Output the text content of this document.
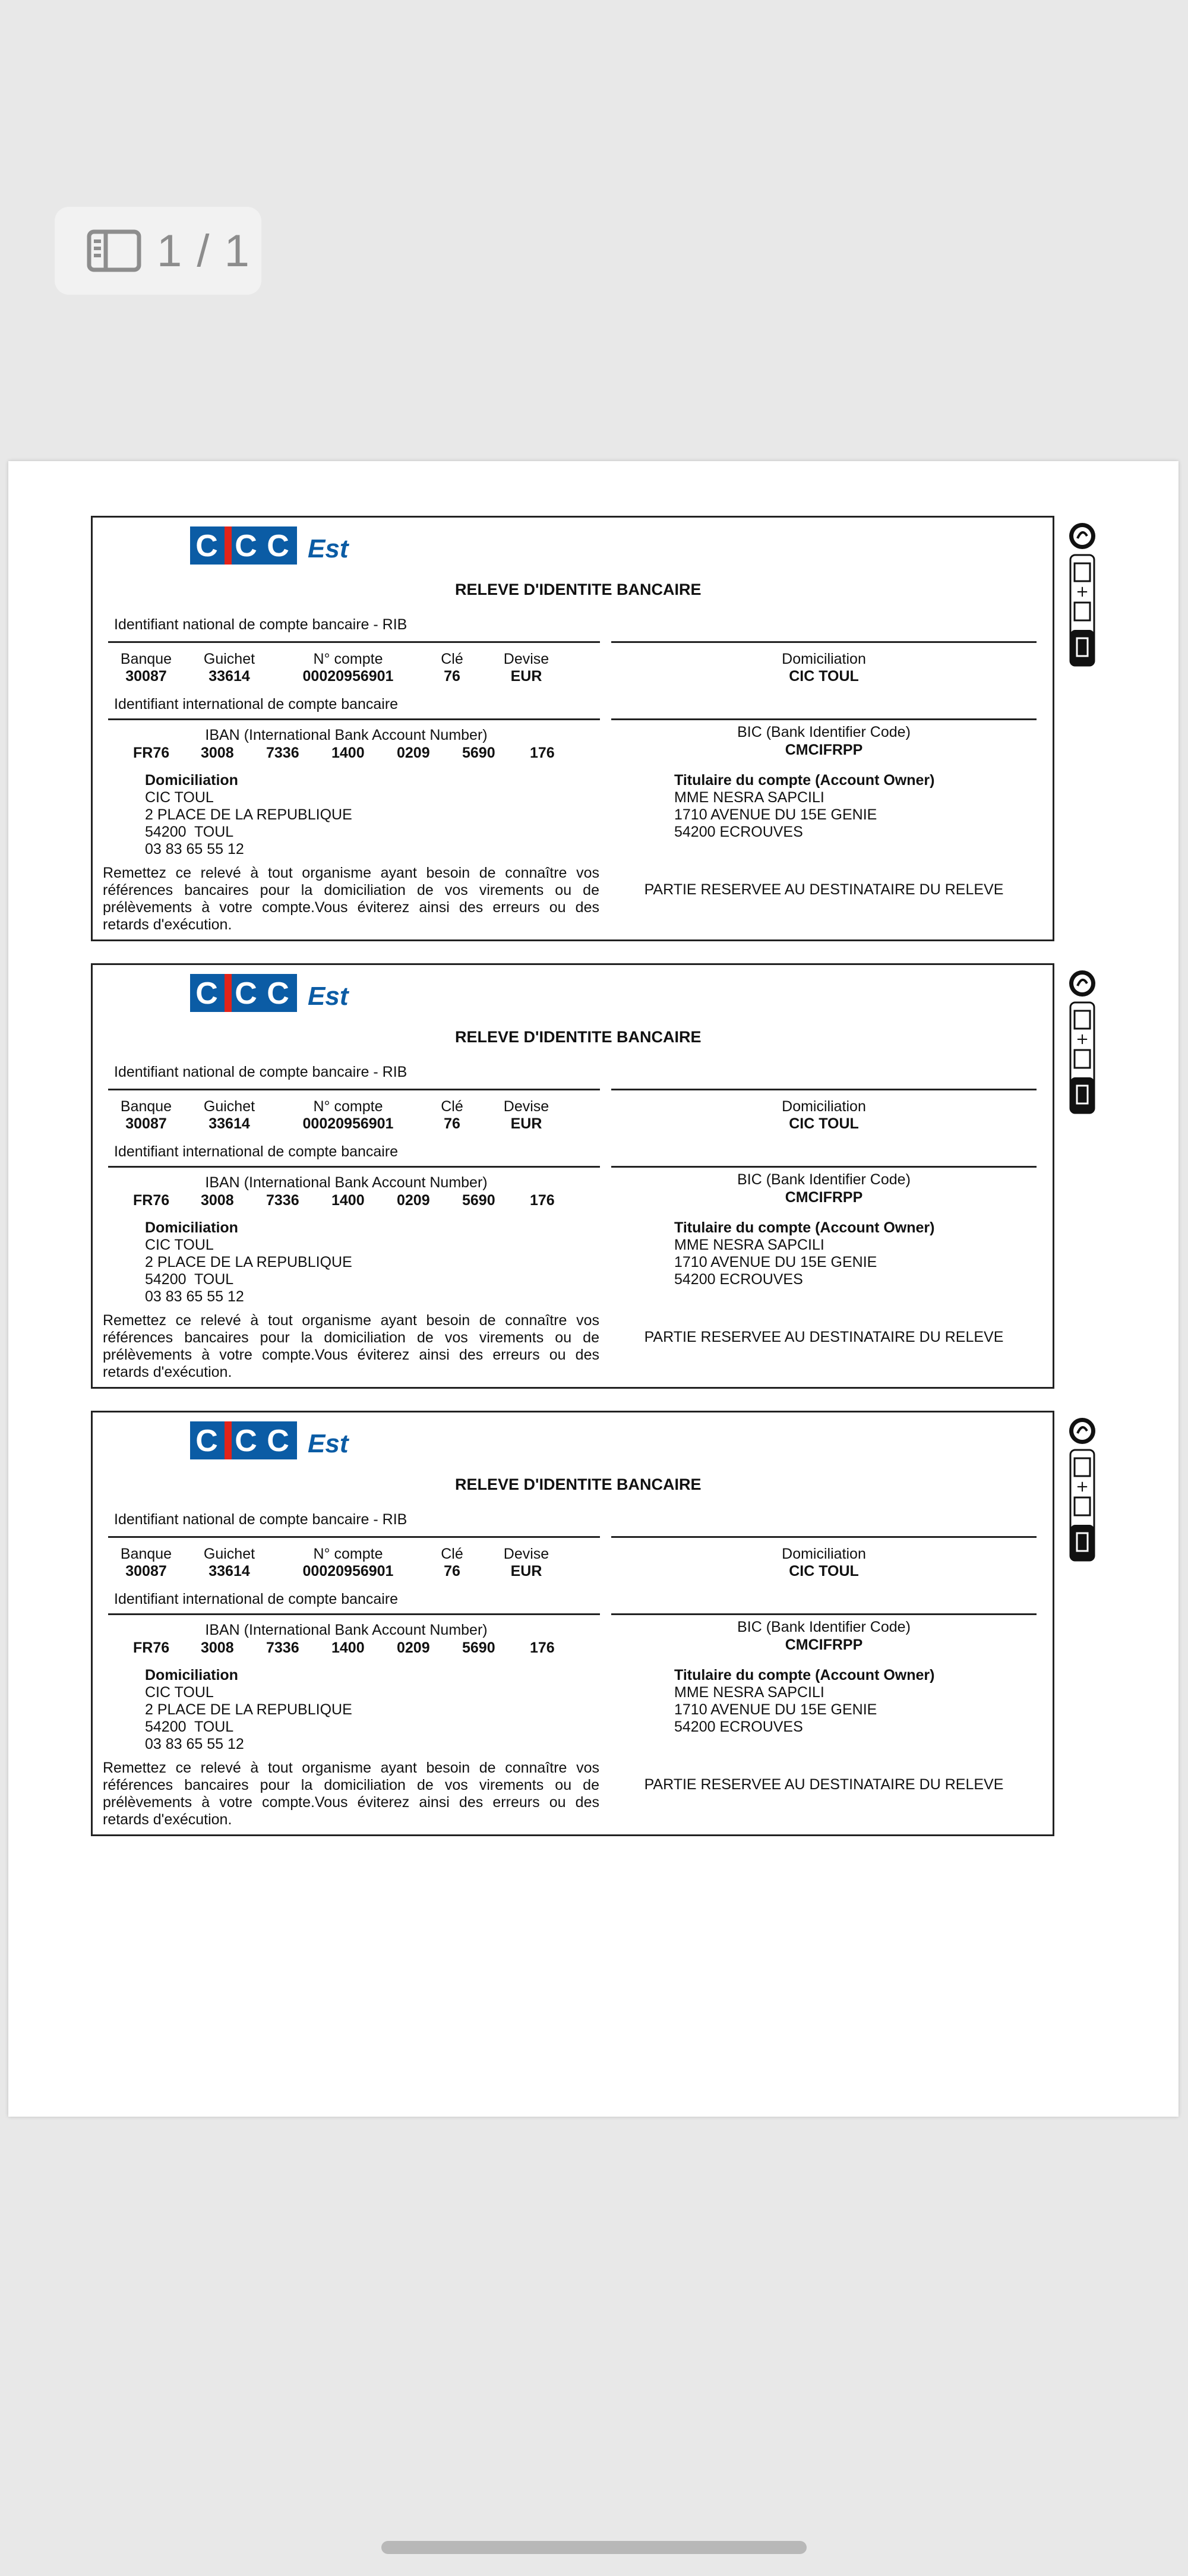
1 / 1
C C C Est
RELEVE D'IDENTITE BANCAIRE
Identifiant national de compte bancaire - RIB
Banque
30087
Guichet
33614
N° compte
00020956901
Clé
76
Devise
EUR
Domiciliation
CIC TOUL
Identifiant international de compte bancaire
IBAN (International Bank Account Number)
FR76 3008 7336 1400 0209 5690 176
BIC (Bank Identifier Code)
CMCIFRPP
Domiciliation
CIC TOUL
2 PLACE DE LA REPUBLIQUE
54200  TOUL
03 83 65 55 12
Titulaire du compte (Account Owner)
MME NESRA SAPCILI
1710 AVENUE DU 15E GENIE
54200 ECROUVES
Remettez ce relevé à tout organisme ayant besoin de connaître vos références bancaires pour la domiciliation de vos virements ou de prélèvements à votre compte.Vous éviterez ainsi des erreurs ou des retards d'exécution.
PARTIE RESERVEE AU DESTINATAIRE DU RELEVE
+
C C C Est
RELEVE D'IDENTITE BANCAIRE
Identifiant national de compte bancaire - RIB
Banque
30087
Guichet
33614
N° compte
00020956901
Clé
76
Devise
EUR
Domiciliation
CIC TOUL
Identifiant international de compte bancaire
IBAN (International Bank Account Number)
FR76 3008 7336 1400 0209 5690 176
BIC (Bank Identifier Code)
CMCIFRPP
Domiciliation
CIC TOUL
2 PLACE DE LA REPUBLIQUE
54200  TOUL
03 83 65 55 12
Titulaire du compte (Account Owner)
MME NESRA SAPCILI
1710 AVENUE DU 15E GENIE
54200 ECROUVES
Remettez ce relevé à tout organisme ayant besoin de connaître vos références bancaires pour la domiciliation de vos virements ou de prélèvements à votre compte.Vous éviterez ainsi des erreurs ou des retards d'exécution.
PARTIE RESERVEE AU DESTINATAIRE DU RELEVE
+
C C C Est
RELEVE D'IDENTITE BANCAIRE
Identifiant national de compte bancaire - RIB
Banque
30087
Guichet
33614
N° compte
00020956901
Clé
76
Devise
EUR
Domiciliation
CIC TOUL
Identifiant international de compte bancaire
IBAN (International Bank Account Number)
FR76 3008 7336 1400 0209 5690 176
BIC (Bank Identifier Code)
CMCIFRPP
Domiciliation
CIC TOUL
2 PLACE DE LA REPUBLIQUE
54200  TOUL
03 83 65 55 12
Titulaire du compte (Account Owner)
MME NESRA SAPCILI
1710 AVENUE DU 15E GENIE
54200 ECROUVES
Remettez ce relevé à tout organisme ayant besoin de connaître vos références bancaires pour la domiciliation de vos virements ou de prélèvements à votre compte.Vous éviterez ainsi des erreurs ou des retards d'exécution.
PARTIE RESERVEE AU DESTINATAIRE DU RELEVE
+
